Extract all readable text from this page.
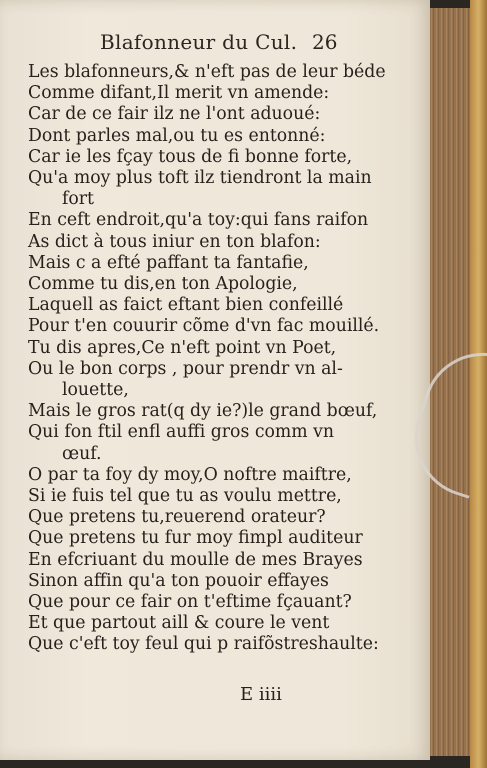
Blafonneur du Cul. 26
Les blafonneurs,& n'eft pas de leur béde
Comme difant,Il merit vn amende:
Car de ce fair ilz ne l'ont aduoué:
Dont parles mal,ou tu es entonné:
Car ie les fçay tous de fi bonne forte,
Qu'a moy plus toft ilz tiendront la main
fort
En ceft endroit,qu'a toy:qui fans raifon
As dict à tous iniur en ton blafon:
Mais c a efté paffant ta fantafie,
Comme tu dis,en ton Apologie,
Laquell as faict eftant bien confeillé
Pour t'en couurir cõme d'vn fac mouillé.
Tu dis apres,Ce n'eft point vn Poet,
Ou le bon corps , pour prendr vn al-
louette,
Mais le gros rat(q dy ie?)le grand bœuf,
Qui fon ftil enfl auffi gros comm vn
œuf.
O par ta foy dy moy,O noftre maiftre,
Si ie fuis tel que tu as voulu mettre,
Que pretens tu,reuerend orateur?
Que pretens tu fur moy fimpl auditeur
En efcriuant du moulle de mes Brayes
Sinon affin qu'a ton pouoir effayes
Que pour ce fair on t'eftime fçauant?
Et que partout aill & coure le vent
Que c'eft toy feul qui p raifõstreshaulte:
E iiii
